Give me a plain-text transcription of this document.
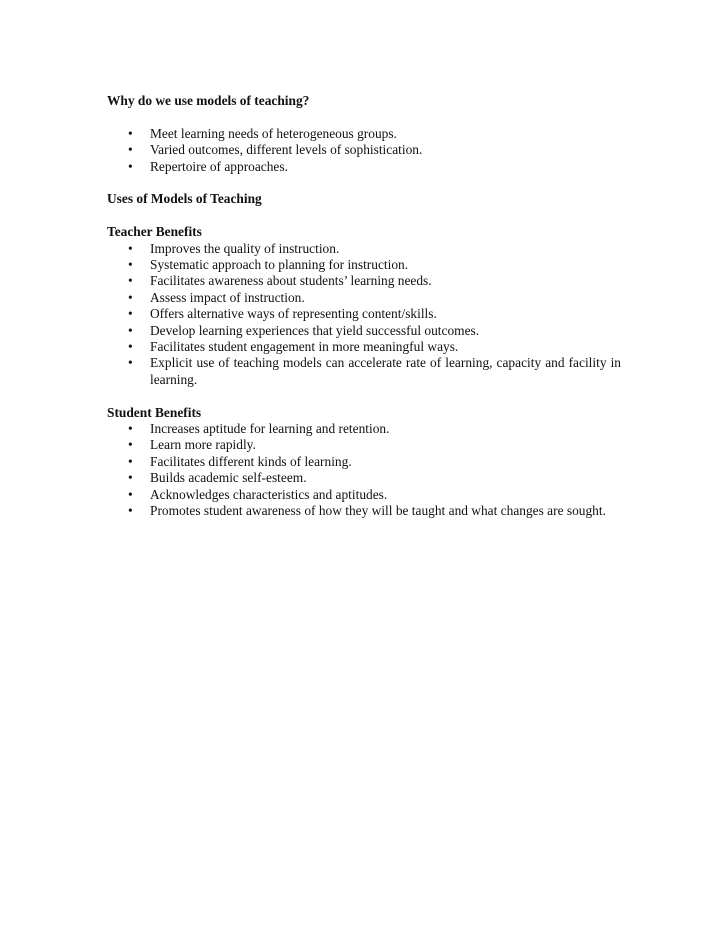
Why do we use models of teaching?

• Meet learning needs of heterogeneous groups.
• Varied outcomes, different levels of sophistication.
• Repertoire of approaches.

Uses of Models of Teaching

Teacher Benefits

• Improves the quality of instruction.
• Systematic approach to planning for instruction.
• Facilitates awareness about students’ learning needs.
• Assess impact of instruction.
• Offers alternative ways of representing content/skills.
• Develop learning experiences that yield successful outcomes.
• Facilitates student engagement in more meaningful ways.
• Explicit use of teaching models can accelerate rate of learning, capacity and facility in learning.

Student Benefits

• Increases aptitude for learning and retention.
• Learn more rapidly.
• Facilitates different kinds of learning.
• Builds academic self-esteem.
• Acknowledges characteristics and aptitudes.
• Promotes student awareness of how they will be taught and what changes are sought.
